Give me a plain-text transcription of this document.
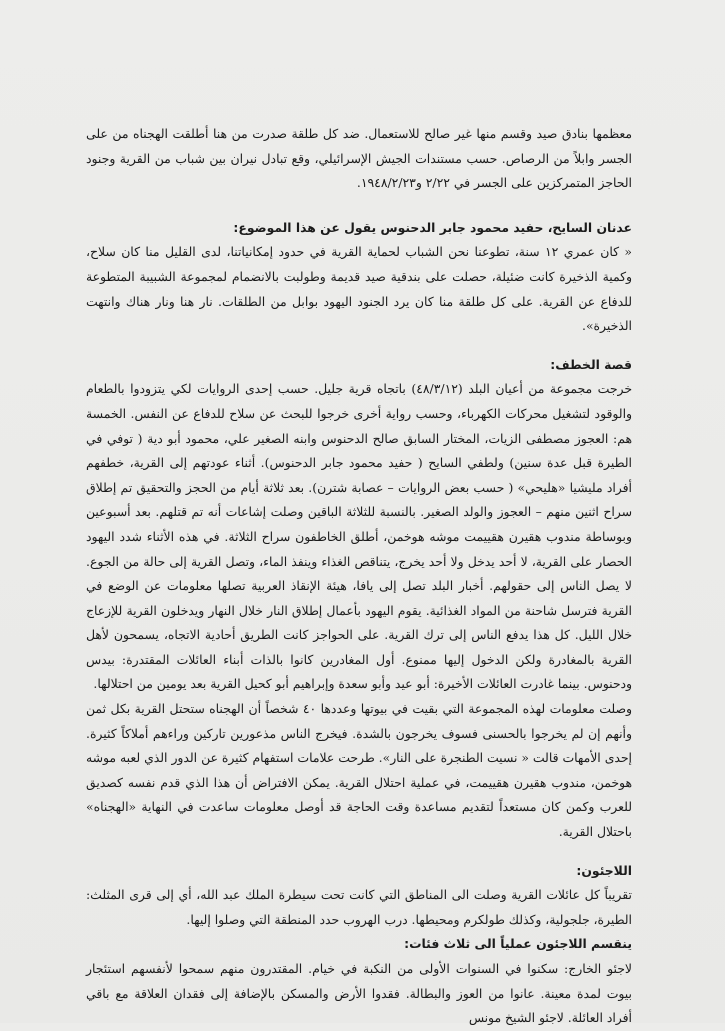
معظمها بنادق صيد وقسم منها غير صالح للاستعمال. ضد كل طلقة صدرت من هنا أطلقت الهجناه من على الجسر وابلاً من الرصاص. حسب مستندات الجيش الإسرائيلي، وقع تبادل نيران بين شباب من القرية وجنود الحاجز المتمركزين على الجسر في ٢/٢٢ و١٩٤٨/٢/٢٣.

عدنان السايح، حفيد محمود جابر الدحنوس يقول عن هذا الموضوع:

« كان عمري ١٢ سنة، تطوعنا نحن الشباب لحماية القرية في حدود إمكانياتنا، لدى القليل منا كان سلاح، وكمية الذخيرة كانت ضئيلة، حصلت على بندقية صيد قديمة وطولبت بالانضمام لمجموعة الشبيبة المتطوعة للدفاع عن القرية. على كل طلقة منا كان يرد الجنود اليهود بوابل من الطلقات. نار هنا ونار هناك وانتهت الذخيرة».

قصة الخطف:

خرجت مجموعة من أعيان البلد (٤٨/٣/١٢) باتجاه قرية جليل. حسب إحدى الروايات لكي يتزودوا بالطعام والوقود لتشغيل محركات الكهرباء، وحسب رواية أخرى خرجوا للبحث عن سلاح للدفاع عن النفس. الخمسة هم: العجوز مصطفى الزيات، المختار السابق صالح الدحنوس وابنه الصغير علي، محمود أبو دية ( توفي في الطيرة قبل عدة سنين) ولطفي السايح ( حفيد محمود جابر الدحنوس). أثناء عودتهم إلى القرية، خطفهم أفراد مليشيا «هليحي» ( حسب بعض الروايات – عصابة شترن). بعد ثلاثة أيام من الحجز والتحقيق تم إطلاق سراح اثنين منهم – العجوز والولد الصغير. بالنسبة للثلاثة الباقين وصلت إشاعات أنه تم قتلهم. بعد أسبوعين وبوساطة مندوب هقيرن هقييمت موشه هوخمن، أطلق الخاطفون سراح الثلاثة. في هذه الأثناء شدد اليهود الحصار على القرية، لا أحد يدخل ولا أحد يخرج، يتناقص الغذاء وينفذ الماء، وتصل القرية إلى حالة من الجوع. لا يصل الناس إلى حقولهم. أخبار البلد تصل إلى يافا، هيئة الإنقاذ العربية تصلها معلومات عن الوضع في القرية فترسل شاحنة من المواد الغذائية. يقوم اليهود بأعمال إطلاق النار خلال النهار ويدخلون القرية للإزعاج خلال الليل. كل هذا يدفع الناس إلى ترك القرية. على الحواجز كانت الطريق أحادية الاتجاه، يسمحون لأهل القرية بالمغادرة ولكن الدخول إليها ممنوع. أول المغادرين كانوا بالذات أبناء العائلات المقتدرة: بيدس ودحنوس. بينما غادرت العائلات الأخيرة: أبو عيد وأبو سعدة وإبراهيم أبو كحيل القرية بعد يومين من احتلالها.

وصلت معلومات لهذه المجموعة التي بقيت في بيوتها وعددها ٤٠ شخصاً أن الهجناه ستحتل القرية بكل ثمن وأنهم إن لم يخرجوا بالحسنى فسوف يخرجون بالشدة. فيخرج الناس مذعورين تاركين وراءهم أملاكاً كثيرة. إحدى الأمهات قالت « نسيت الطنجرة على النار». طرحت علامات استفهام كثيرة عن الدور الذي لعبه موشه هوخمن، مندوب هقيرن هقييمت، في عملية احتلال القرية. يمكن الافتراض أن هذا الذي قدم نفسه كصديق للعرب وكمن كان مستعداً لتقديم مساعدة وقت الحاجة قد أوصل معلومات ساعدت في النهاية «الهجناه» باحتلال القرية.

اللاجئون:

تقريباً كل عائلات القرية وصلت الى المناطق التي كانت تحت سيطرة الملك عبد الله، أي إلى قرى المثلث: الطيرة، جلجولية، وكذلك طولكرم ومحيطها. درب الهروب حدد المنطقة التي وصلوا إليها.

ينقسم اللاجئون عملياً الى ثلاث فئات:

لاجئو الخارج: سكنوا في السنوات الأولى من النكبة في خيام. المقتدرون منهم سمحوا لأنفسهم استئجار بيوت لمدة معينة. عانوا من العوز والبطالة. فقدوا الأرض والمسكن بالإضافة إلى فقدان العلاقة مع باقي أفراد العائلة. لاجئو الشيخ مونس
